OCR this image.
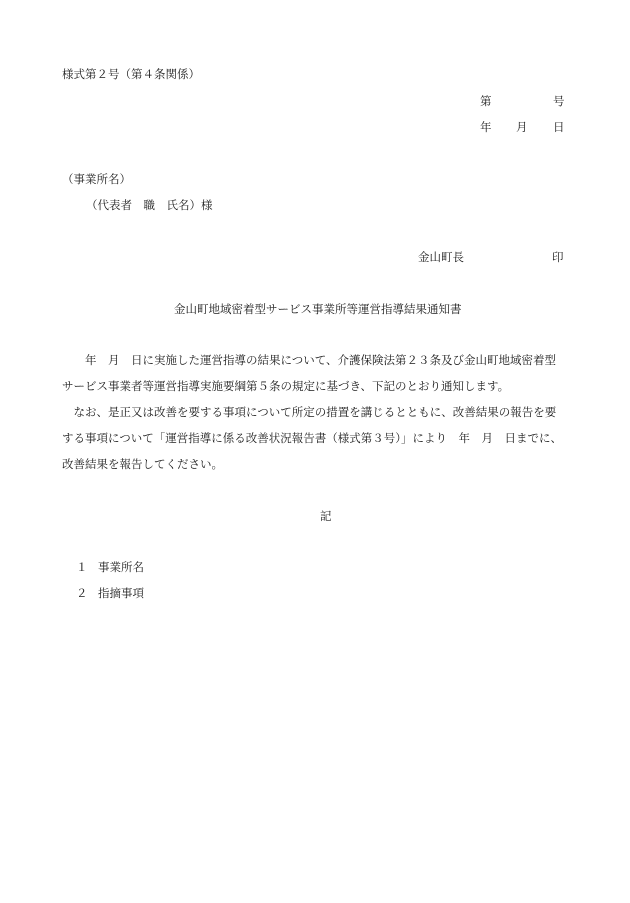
様式第２号（第４条関係）
第	号
年 月 日
（事業所名）
（代表者　職　氏名）様
金山町長	印
金山町地域密着型サービス事業所等運営指導結果通知書
　　年　月　日に実施した運営指導の結果について、介護保険法第２３条及び金山町地域密着型
サービス事業者等運営指導実施要綱第５条の規定に基づき、下記のとおり通知します。
　なお、是正又は改善を要する事項について所定の措置を講じるとともに、改善結果の報告を要
する事項について「運営指導に係る改善状況報告書（様式第３号）」により　年　月　日までに、
改善結果を報告してください。
記
１ 事業所名
２ 指摘事項
